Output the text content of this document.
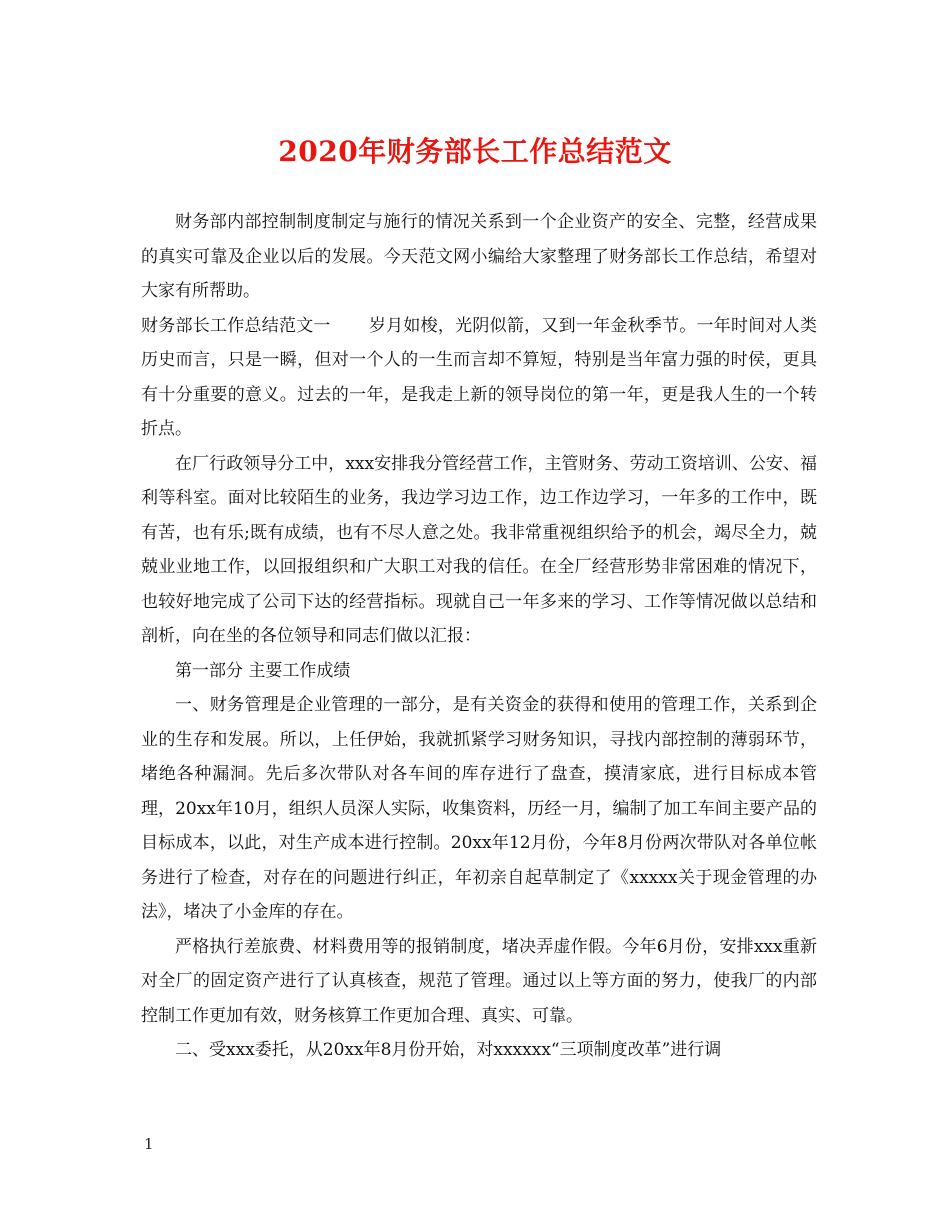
2020年财务部长工作总结范文

财务部内部控制制度制定与施行的情况关系到一个企业资产的安全、完整，经营成果的真实可靠及企业以后的发展。今天范文网小编给大家整理了财务部长工作总结，希望对大家有所帮助。

财务部长工作总结范文一 岁月如梭，光阴似箭，又到一年金秋季节。一年时间对人类历史而言，只是一瞬，但对一个人的一生而言却不算短，特别是当年富力强的时侯，更具有十分重要的意义。过去的一年，是我走上新的领导岗位的第一年，更是我人生的一个转折点。

在厂行政领导分工中，xxx安排我分管经营工作，主管财务、劳动工资培训、公安、福利等科室。面对比较陌生的业务，我边学习边工作，边工作边学习，一年多的工作中，既有苦，也有乐;既有成绩，也有不尽人意之处。我非常重视组织给予的机会，竭尽全力，兢兢业业地工作，以回报组织和广大职工对我的信任。在全厂经营形势非常困难的情况下，也较好地完成了公司下达的经营指标。现就自己一年多来的学习、工作等情况做以总结和剖析，向在坐的各位领导和同志们做以汇报：

第一部分 主要工作成绩

一、财务管理是企业管理的一部分，是有关资金的获得和使用的管理工作，关系到企业的生存和发展。所以，上任伊始，我就抓紧学习财务知识，寻找内部控制的薄弱环节，堵绝各种漏洞。先后多次带队对各车间的库存进行了盘查，摸清家底，进行目标成本管理，20xx年10月，组织人员深人实际，收集资料，历经一月，编制了加工车间主要产品的目标成本，以此，对生产成本进行控制。20xx年12月份，今年8月份两次带队对各单位帐务进行了检查，对存在的问题进行纠正，年初亲自起草制定了《xxxxx关于现金管理的办法》，堵决了小金库的存在。

严格执行差旅费、材料费用等的报销制度，堵决弄虚作假。今年6月份，安排xxx重新对全厂的固定资产进行了认真核查，规范了管理。通过以上等方面的努力，使我厂的内部控制工作更加有效，财务核算工作更加合理、真实、可靠。

二、受xxx委托，从20xx年8月份开始，对xxxxxx“三项制度改革”进行调

1
